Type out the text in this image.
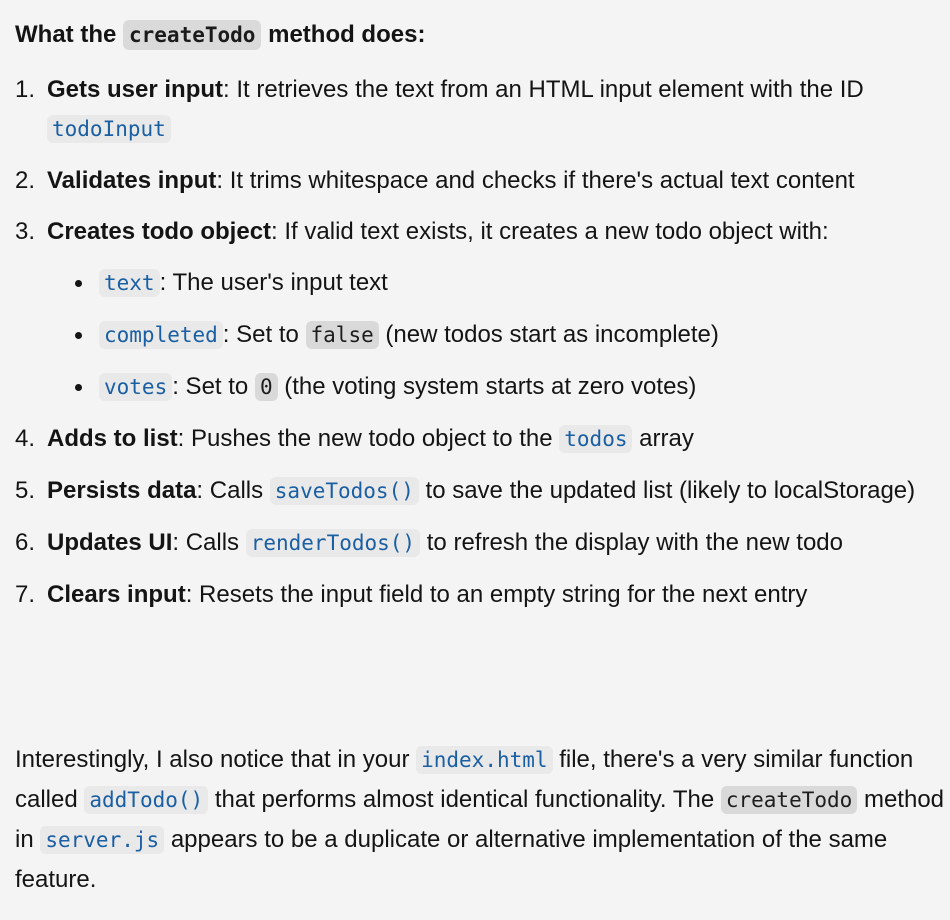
What the createTodo method does:
1. Gets user input: It retrieves the text from an HTML input element with the ID todoInput
2. Validates input: It trims whitespace and checks if there's actual text content
3. Creates todo object: If valid text exists, it creates a new todo object with:
text : The user's input text
completed : Set to false (new todos start as incomplete)
votes : Set to 0 (the voting system starts at zero votes)
4. Adds to list: Pushes the new todo object to the todos array
5. Persists data: Calls saveTodos() to save the updated list (likely to localStorage)
6. Updates UI: Calls renderTodos() to refresh the display with the new todo
7. Clears input: Resets the input field to an empty string for the next entry

Interestingly, I also notice that in your index.html file, there's a very similar function called addTodo() that performs almost identical functionality. The createTodo method in server.js appears to be a duplicate or alternative implementation of the same feature.
